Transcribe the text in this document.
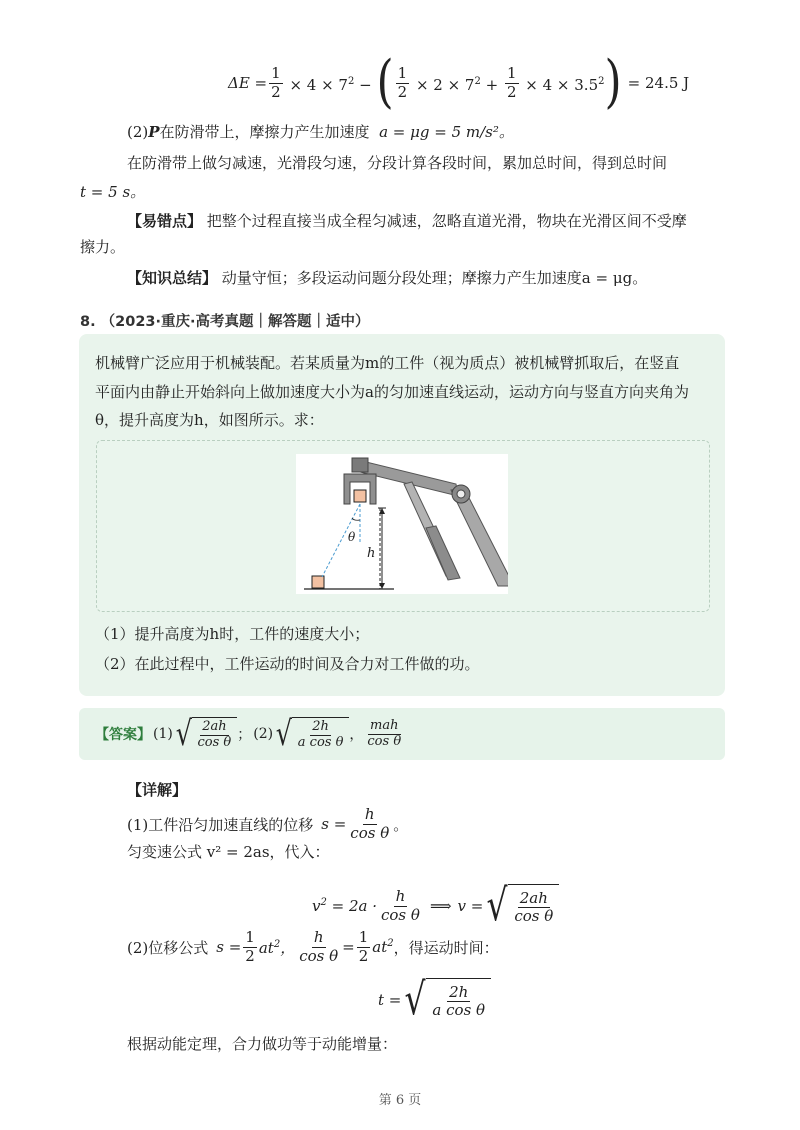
$\Delta E = \frac{1}{2} \times 4 \times 7^2$ − ( $\frac{1}{2} \times 2 \times 7^2 + \frac{1}{2} \times 4 \times 3.5^2$ ) = 24.5 J
(2)P在防滑带上，摩擦力产生加速度 a = μg = 5 m/s²。
在防滑带上做匀减速，光滑段匀速，分段计算各段时间，累加总时间，得到总时间
t = 5 s。
【易错点】 把整个过程直接当成全程匀减速，忽略直道光滑，物块在光滑区间不受摩
擦力。
【知识总结】 动量守恒；多段运动问题分段处理；摩擦力产生加速度a = μg。
8. （2023·重庆·高考真题｜解答题｜适中）
机械臂广泛应用于机械装配。若某质量为m的工件（视为质点）被机械臂抓取后，在竖直
平面内由静止开始斜向上做加速度大小为a的匀加速直线运动，运动方向与竖直方向夹角为
θ，提升高度为h，如图所示。求：
θ
h
（1）提升高度为h时，工件的速度大小；
（2）在此过程中，工件运动的时间及合力对工件做的功。
【答案】 (1) √ $\frac{2ah}{\text{cos θ}}$ ； (2) √ $\frac{2h}{\text{a cos θ}}$ ， $\frac{\text{mah}}{\text{cos θ}}$
【详解】
(1)工件沿匀加速直线的位移 $s = \frac{h}{\text{cos θ}}$ 。
匀变速公式 v² = 2as，代入：
$v^2 = 2a \cdot \frac{h}{\text{cos θ}}$ ⟹ v = √ $\frac{2ah}{\text{cos θ}}$
(2)位移公式 $s = \frac{1}{2} at^2$， $\frac{h}{\text{cos θ}} = \frac{1}{2} at^2$ ，得运动时间：
t = √ $\frac{2h}{\text{a cos θ}}$
根据动能定理，合力做功等于动能增量：
第 6 页
